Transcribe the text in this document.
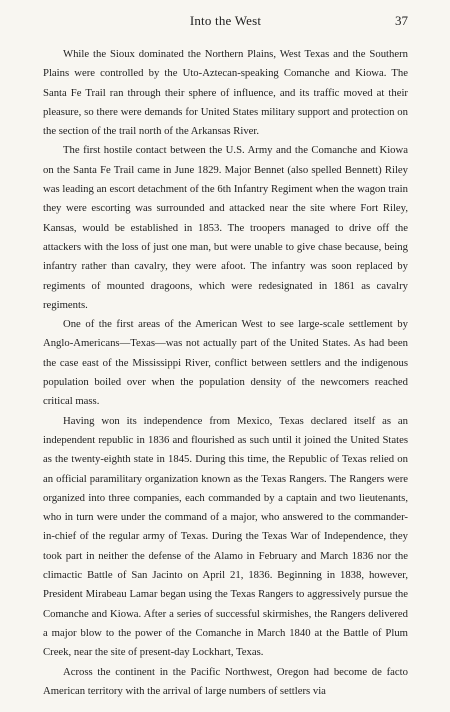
Into the West	37

While the Sioux dominated the Northern Plains, West Texas and the Southern Plains were controlled by the Uto-Aztecan-speaking Comanche and Kiowa. The Santa Fe Trail ran through their sphere of influence, and its traffic moved at their pleasure, so there were demands for United States military support and protection on the section of the trail north of the Arkansas River.

The first hostile contact between the U.S. Army and the Comanche and Kiowa on the Santa Fe Trail came in June 1829. Major Bennet (also spelled Bennett) Riley was leading an escort detachment of the 6th Infantry Regiment when the wagon train they were escorting was surrounded and attacked near the site where Fort Riley, Kansas, would be established in 1853. The troopers managed to drive off the attackers with the loss of just one man, but were unable to give chase because, being infantry rather than cavalry, they were afoot. The infantry was soon replaced by regiments of mounted dragoons, which were redesignated in 1861 as cavalry regiments.

One of the first areas of the American West to see large-scale settlement by Anglo-Americans—Texas—was not actually part of the United States. As had been the case east of the Mississippi River, conflict between settlers and the indigenous population boiled over when the population density of the newcomers reached critical mass.

Having won its independence from Mexico, Texas declared itself as an independent republic in 1836 and flourished as such until it joined the United States as the twenty-eighth state in 1845. During this time, the Republic of Texas relied on an official paramilitary organization known as the Texas Rangers. The Rangers were organized into three companies, each commanded by a captain and two lieutenants, who in turn were under the command of a major, who answered to the commander-in-chief of the regular army of Texas. During the Texas War of Independence, they took part in neither the defense of the Alamo in February and March 1836 nor the climactic Battle of San Jacinto on April 21, 1836. Beginning in 1838, however, President Mirabeau Lamar began using the Texas Rangers to aggressively pursue the Comanche and Kiowa. After a series of successful skirmishes, the Rangers delivered a major blow to the power of the Comanche in March 1840 at the Battle of Plum Creek, near the site of present-day Lockhart, Texas.

Across the continent in the Pacific Northwest, Oregon had become de facto American territory with the arrival of large numbers of settlers via
